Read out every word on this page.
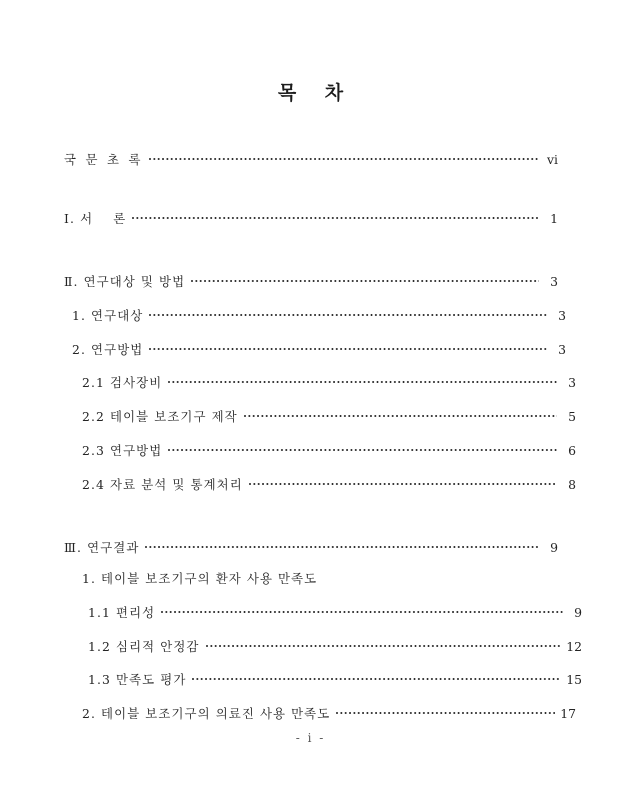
목 차
국 문 초 록	vi
Ⅰ. 서    론	1
Ⅱ. 연구대상 및 방법	3
1. 연구대상	3
2. 연구방법	3
2.1 검사장비	3
2.2 테이블 보조기구 제작	5
2.3 연구방법	6
2.4 자료 분석 및 통계처리	8
Ⅲ. 연구결과	9
1. 테이블 보조기구의 환자 사용 만족도
1.1 편리성	9
1.2 심리적 안정감	12
1.3 만족도 평가	15
2. 테이블 보조기구의 의료진 사용 만족도	17
- i -
